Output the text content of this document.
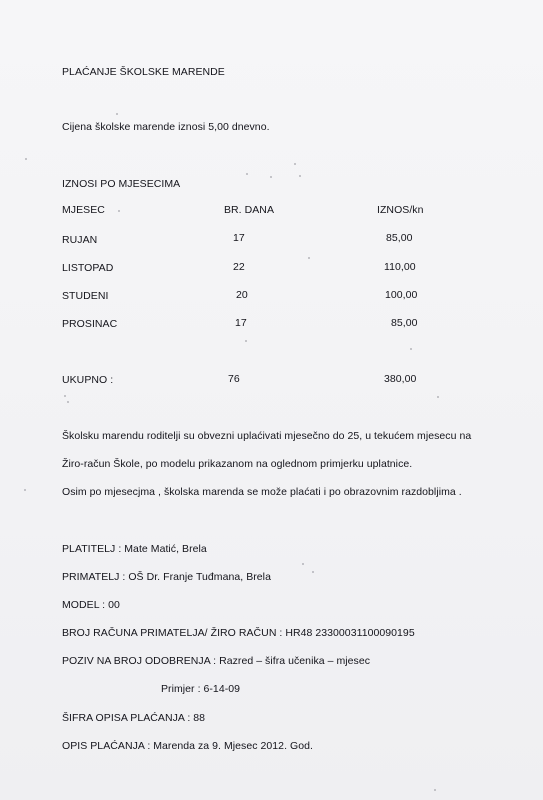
PLAĆANJE ŠKOLSKE MARENDE
Cijena školske marende iznosi 5,00 dnevno.
IZNOSI PO MJESECIMA
MJESEC	BR. DANA	IZNOS/kn
RUJAN	17	85,00
LISTOPAD	22	110,00
STUDENI	20	100,00
PROSINAC	17	85,00
UKUPNO :	76	380,00
Školsku marendu roditelji su obvezni uplaćivati mjesečno do 25, u tekućem mjesecu na
Žiro-račun Škole, po modelu prikazanom na oglednom primjerku uplatnice.
Osim po mjesecjma , školska marenda se može plaćati i po obrazovnim razdobljima .
PLATITELJ : Mate Matić, Brela
PRIMATELJ : OŠ Dr. Franje Tuđmana, Brela
MODEL : 00
BROJ RAČUNA PRIMATELJA/ ŽIRO RAČUN : HR48 23300031100090195
POZIV NA BROJ ODOBRENJA : Razred – šifra učenika – mjesec
Primjer : 6-14-09
ŠIFRA OPISA PLAĆANJA : 88
OPIS PLAĆANJA : Marenda za 9. Mjesec 2012. God.
